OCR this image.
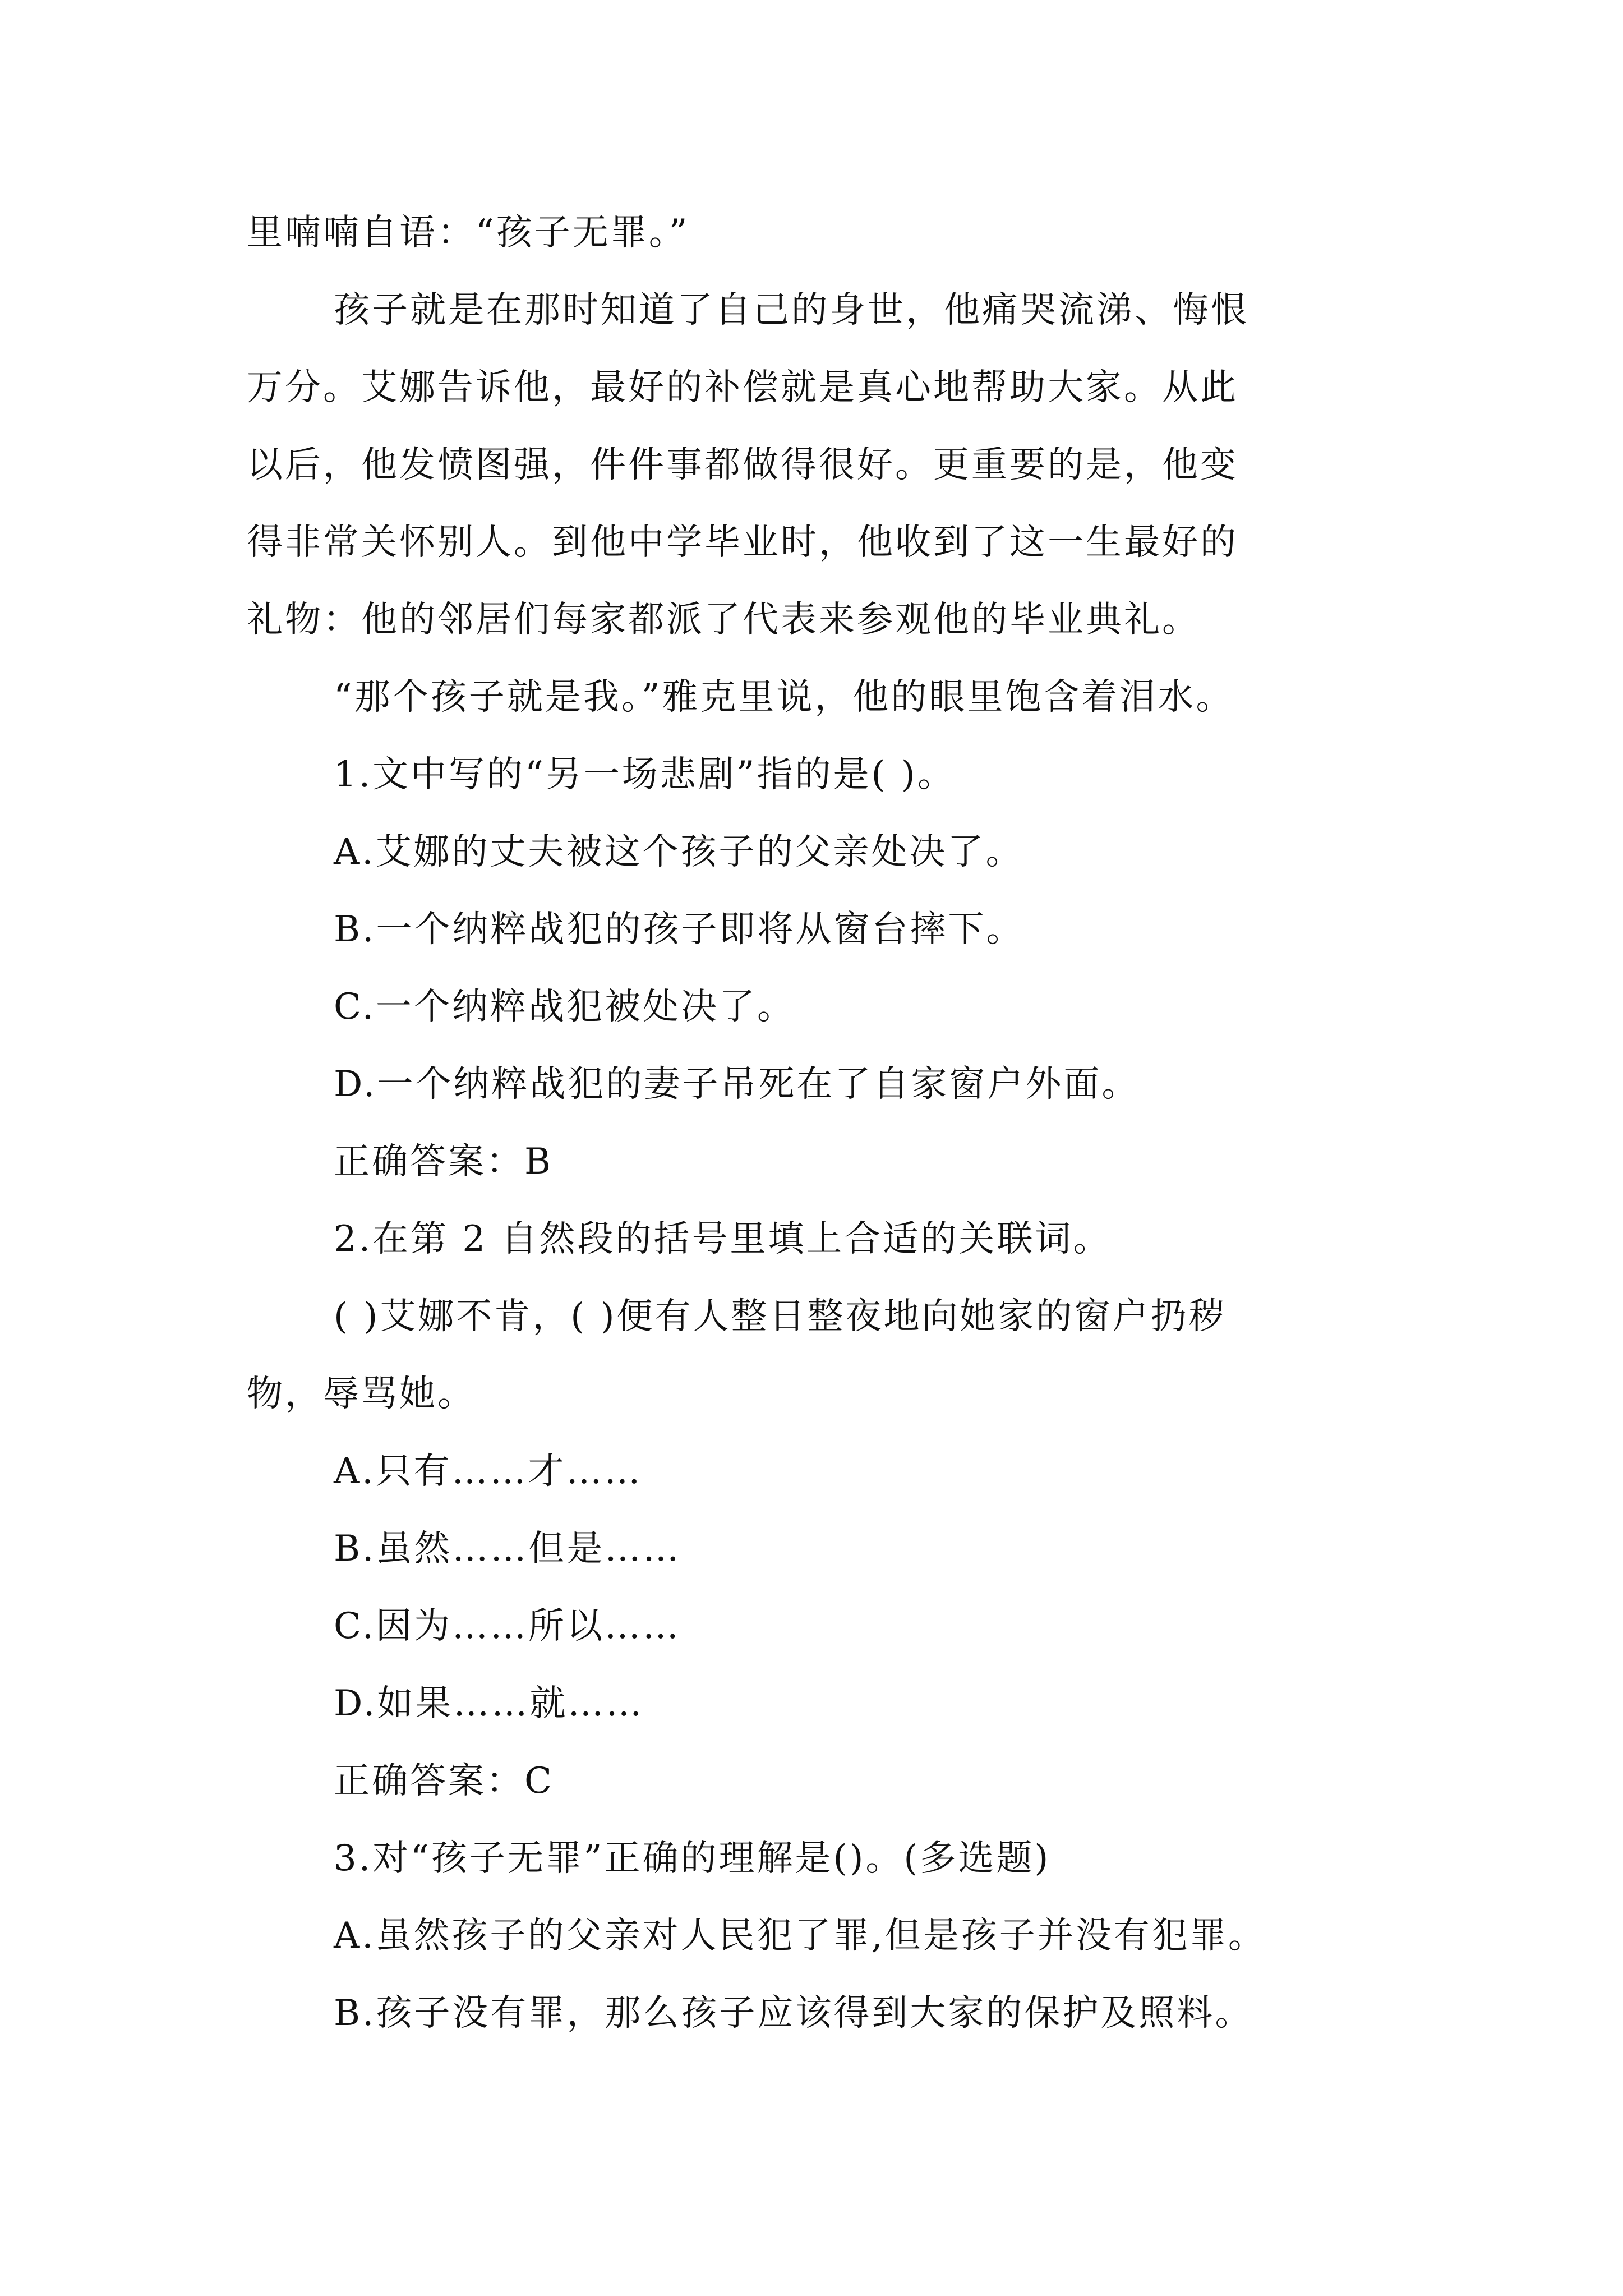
里喃喃自语：“孩子无罪。”
孩子就是在那时知道了自己的身世，他痛哭流涕、悔恨
万分。艾娜告诉他，最好的补偿就是真心地帮助大家。从此
以后，他发愤图强，件件事都做得很好。更重要的是，他变
得非常关怀别人。到他中学毕业时，他收到了这一生最好的
礼物：他的邻居们每家都派了代表来参观他的毕业典礼。
“那个孩子就是我。”雅克里说，他的眼里饱含着泪水。
1.文中写的“另一场悲剧”指的是( )。
A.艾娜的丈夫被这个孩子的父亲处决了。
B.一个纳粹战犯的孩子即将从窗台摔下。
C.一个纳粹战犯被处决了。
D.一个纳粹战犯的妻子吊死在了自家窗户外面。
正确答案：B
2.在第 2 自然段的括号里填上合适的关联词。
( )艾娜不肯，( )便有人整日整夜地向她家的窗户扔秽
物，辱骂她。
A.只有……才……
B.虽然……但是……
C.因为……所以……
D.如果……就……
正确答案：C
3.对“孩子无罪”正确的理解是()。(多选题)
A.虽然孩子的父亲对人民犯了罪,但是孩子并没有犯罪。
B.孩子没有罪，那么孩子应该得到大家的保护及照料。
